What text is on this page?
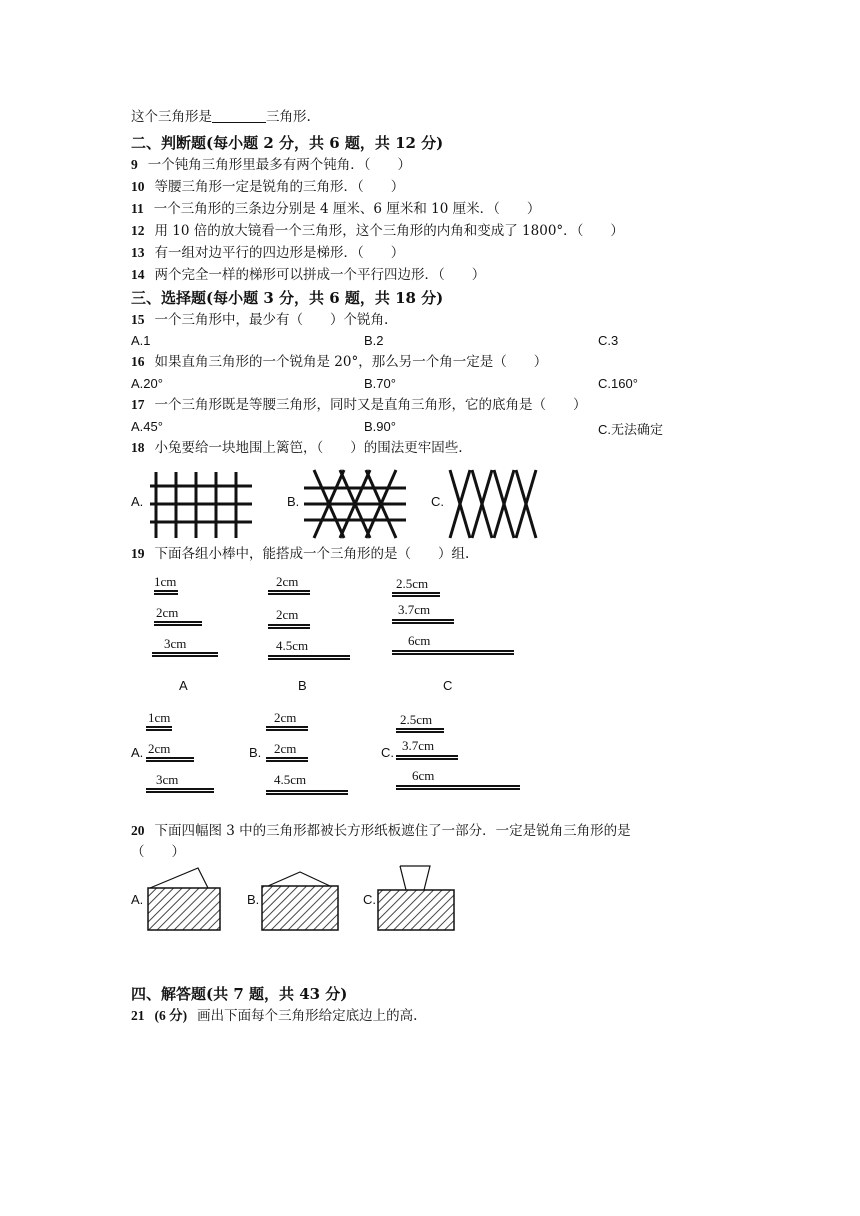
这个三角形是	三角形.
二、判断题(每小题 2 分，共 6 题，共 12 分)
9 一个钝角三角形里最多有两个钝角．（　　）
10 等腰三角形一定是锐角的三角形．（　　）
11 一个三角形的三条边分别是 4 厘米、6 厘米和 10 厘米．（　　）
12 用 10 倍的放大镜看一个三角形，这个三角形的内角和变成了 1800°．（　　）
13 有一组对边平行的四边形是梯形．（　　）
14 两个完全一样的梯形可以拼成一个平行四边形．（　　）
三、选择题(每小题 3 分，共 6 题，共 18 分)
15 一个三角形中，最少有（　　）个锐角.
A.1	B.2	C.3
16 如果直角三角形的一个锐角是 20°，那么另一个角一定是（　　）
A.20°	B.70°	C.160°
17 一个三角形既是等腰三角形，同时又是直角三角形，它的底角是（　　）
A.45°	B.90°	C.无法确定
18 小兔要给一块地围上篱笆，（　　）的围法更牢固些.
A.	B.	C.
19 下面各组小棒中，能搭成一个三角形的是（　　）组.
1cm
2cm
3cm
2cm
2cm
4.5cm
2.5cm
3.7cm
6cm
A	B	C
A.
1cm
2cm
3cm
B.
2cm
2cm
4.5cm
C.
2.5cm
3.7cm
6cm
20 下面四幅图 3 中的三角形都被长方形纸板遮住了一部分．一定是锐角三角形的是
（　　）
A.	B.	C.
四、解答题(共 7 题，共 43 分)
21 (6 分) 画出下面每个三角形给定底边上的高.
